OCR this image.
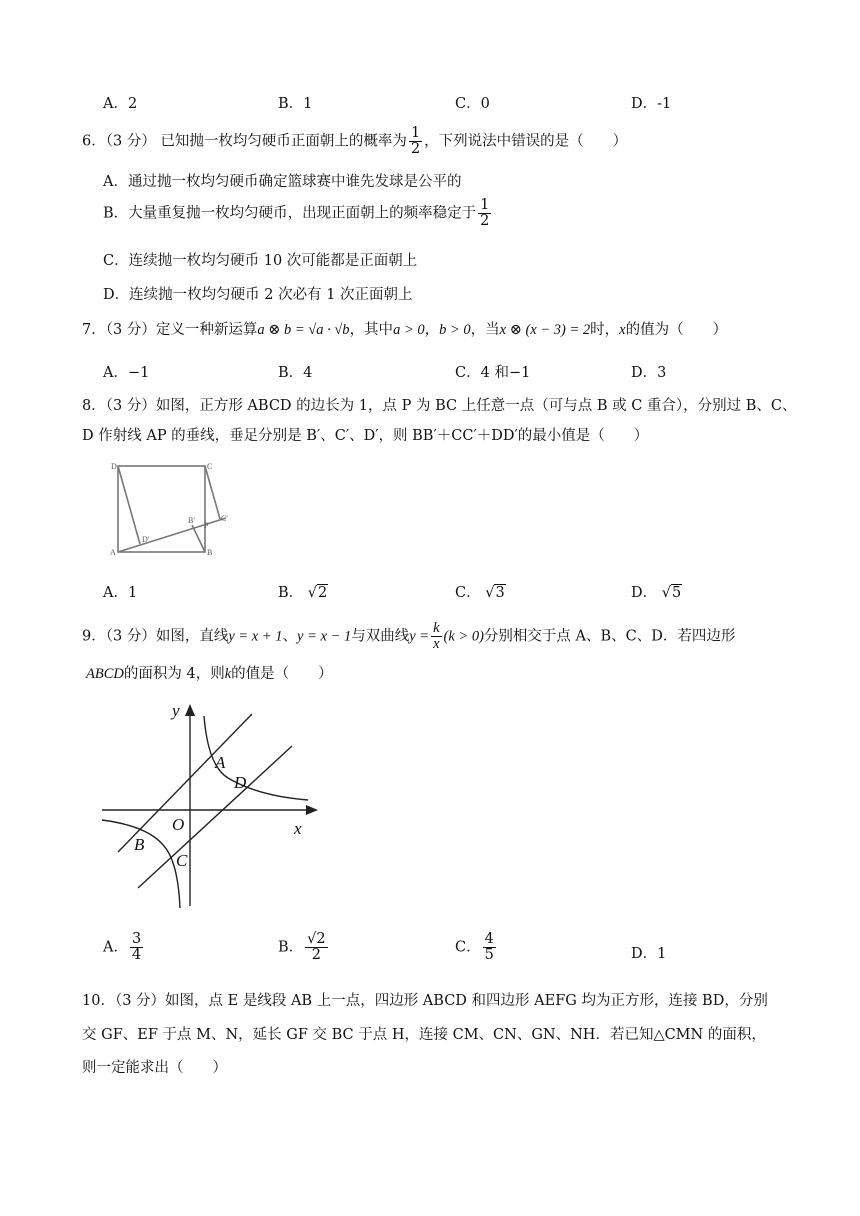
A．2	B．1	C．0	D．-1
6．（3 分） 已知抛一枚均匀硬币正面朝上的概率为 $\frac{1}{2}$ ，下列说法中错误的是（　　）
A．通过抛一枚均匀硬币确定篮球赛中谁先发球是公平的
B．大量重复抛一枚均匀硬币，出现正面朝上的频率稳定于 $\frac{1}{2}$
C．连续抛一枚均匀硬币 10 次可能都是正面朝上
D．连续抛一枚均匀硬币 2 次必有 1 次正面朝上
7．（3 分）定义一种新运算a ⊗ b = √a · √b，其中a > 0，b > 0，当x ⊗ (x − 3) = 2时，x的值为（　　）
A．−1	B．4	C．4 和−1	D．3
8．（3 分）如图，正方形 ABCD 的边长为 1，点 P 为 BC 上任意一点（可与点 B 或 C 重合），分别过 B、C、
D 作射线 AP 的垂线，垂足分别是 B′、C′、D′，则 BB′＋CC′＋DD′的最小值是（　　）
D	C
D′
B′
P
C′
A	B
A．1	B． √2	C． √3	D． √5
9．（3 分）如图，直线y = x + 1、y = x − 1与双曲线$y = \frac{k}{x} (k > 0)$分别相交于点 A、B、C、D．若四边形
ABCD的面积为 4，则k的值是（　　）
y
x
O
A
D
B
C
A． $\frac{3}{4}$	B． $\frac{√2}{2}$	C． $\frac{4}{5}$	D．1
10．（3 分）如图，点 E 是线段 AB 上一点，四边形 ABCD 和四边形 AEFG 均为正方形，连接 BD，分别
交 GF、EF 于点 M、N，延长 GF 交 BC 于点 H，连接 CM、CN、GN、NH．若已知△CMN 的面积，
则一定能求出（　　）
